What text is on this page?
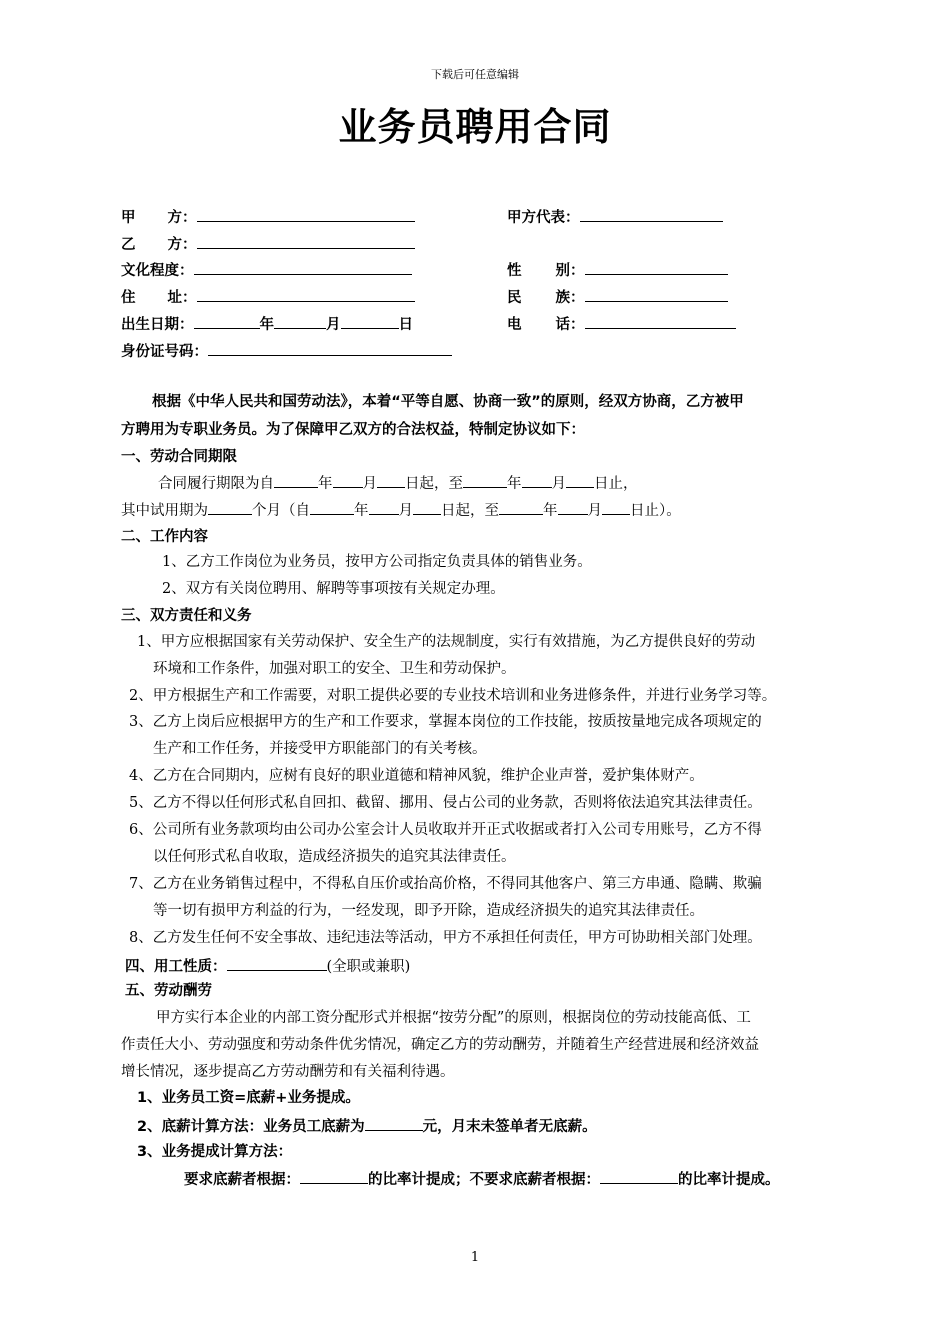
下载后可任意编辑
业务员聘用合同
甲 方：	甲方代表：
乙 方：
文化程度：	性 别：
住 址：	民 族：
出生日期：	年	月	日	电 话：
身份证号码：
根据《中华人民共和国劳动法》，本着“平等自愿、协商一致”的原则，经双方协商，乙方被甲
方聘用为专职业务员。为了保障甲乙双方的合法权益，特制定协议如下：
一、劳动合同期限
合同履行期限为自	年 月 日起，至	年 月 日止，
其中试用期为	个月（自	年 月 日起，至	年 月 日止）。
二、工作内容
1、乙方工作岗位为业务员，按甲方公司指定负责具体的销售业务。
2、双方有关岗位聘用、解聘等事项按有关规定办理。
三、双方责任和义务
1、甲方应根据国家有关劳动保护、安全生产的法规制度，实行有效措施，为乙方提供良好的劳动
环境和工作条件，加强对职工的安全、卫生和劳动保护。
2、甲方根据生产和工作需要，对职工提供必要的专业技术培训和业务进修条件，并进行业务学习等。
3、乙方上岗后应根据甲方的生产和工作要求，掌握本岗位的工作技能，按质按量地完成各项规定的
生产和工作任务，并接受甲方职能部门的有关考核。
4、乙方在合同期内，应树有良好的职业道德和精神风貌，维护企业声誉，爱护集体财产。
5、乙方不得以任何形式私自回扣、截留、挪用、侵占公司的业务款，否则将依法追究其法律责任。
6、公司所有业务款项均由公司办公室会计人员收取并开正式收据或者打入公司专用账号，乙方不得
以任何形式私自收取，造成经济损失的追究其法律责任。
7、乙方在业务销售过程中，不得私自压价或抬高价格，不得同其他客户、第三方串通、隐瞒、欺骗
等一切有损甲方利益的行为，一经发现，即予开除，造成经济损失的追究其法律责任。
8、乙方发生任何不安全事故、违纪违法等活动，甲方不承担任何责任，甲方可协助相关部门处理。
四、用工性质：	(全职或兼职)
五、劳动酬劳
甲方实行本企业的内部工资分配形式并根据“按劳分配”的原则，根据岗位的劳动技能高低、工
作责任大小、劳动强度和劳动条件优劣情况，确定乙方的劳动酬劳，并随着生产经营进展和经济效益
增长情况，逐步提高乙方劳动酬劳和有关福利待遇。
1、业务员工资=底薪+业务提成。
2、底薪计算方法：业务员工底薪为	元，月末未签单者无底薪。
3、业务提成计算方法：
要求底薪者根据：	的比率计提成；不要求底薪者根据：	的比率计提成。
1
